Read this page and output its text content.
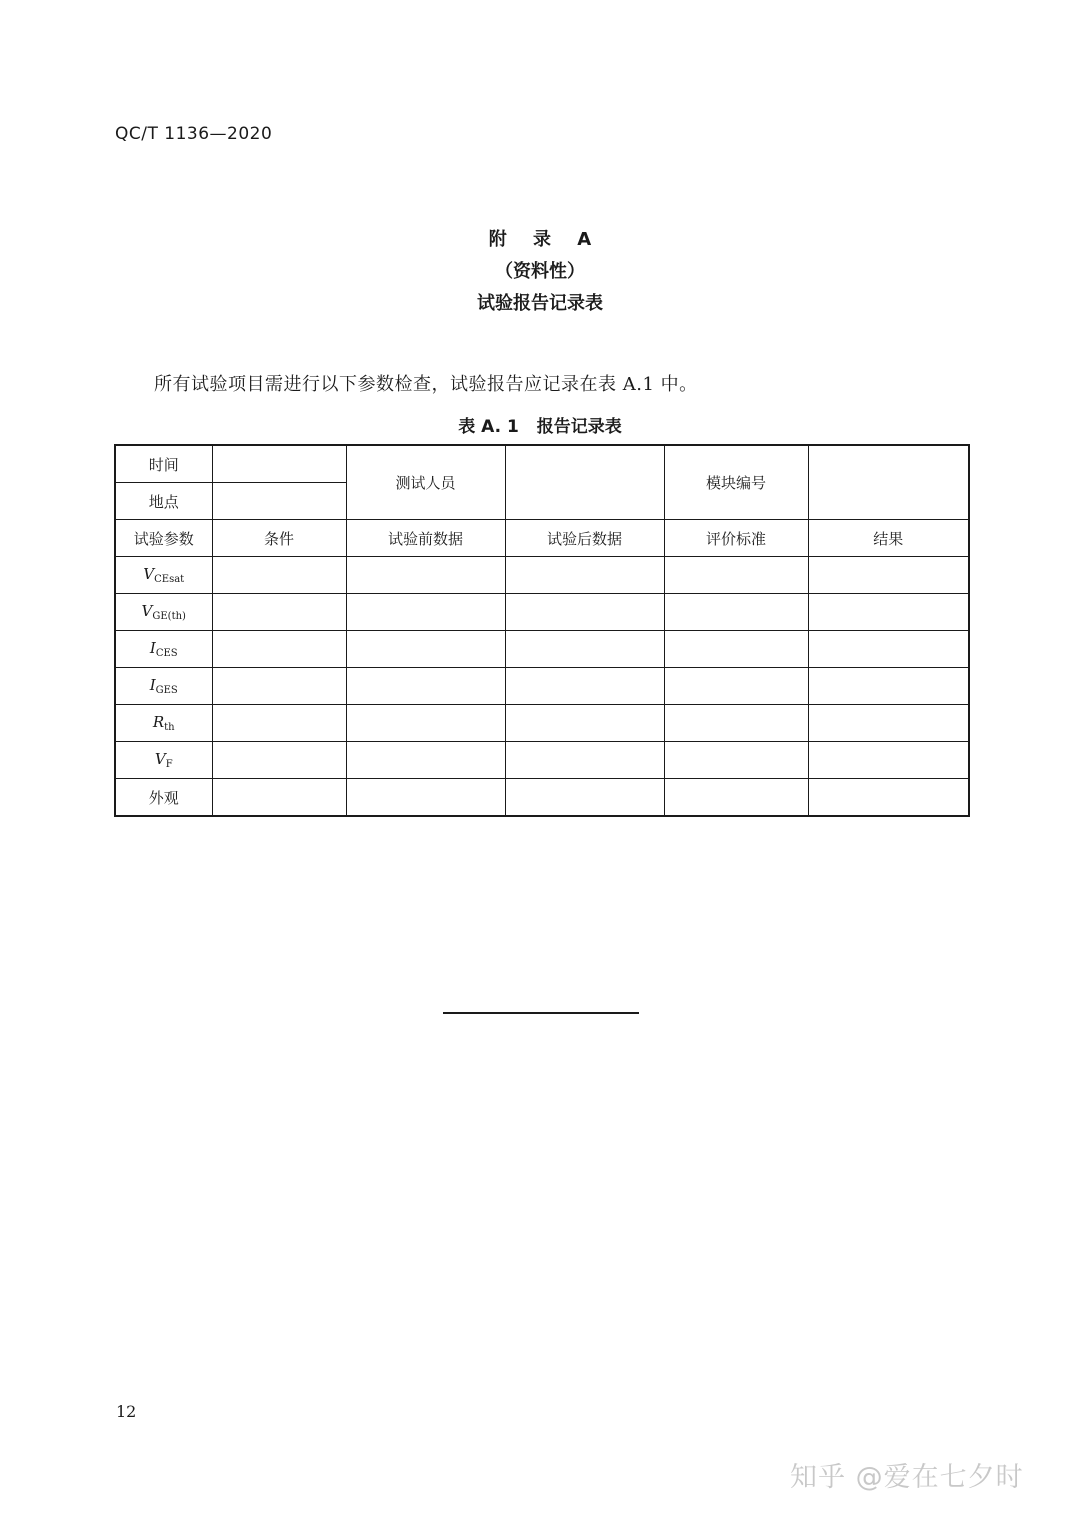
QC/T 1136—2020
附 录 A
（资料性）
试验报告记录表
所有试验项目需进行以下参数检查，试验报告应记录在表 A.1 中。
表 A. 1 报告记录表
时间		测试人员		模块编号	
地点					
试验参数	条件	试验前数据	试验后数据	评价标准	结果
$V_{CEsat}$					
$V_{GE(th)}$					
$I_{CES}$					
$I_{GES}$					
$R_{th}$					
$V_F$					
外观					
12
知乎 @爱在七夕时
